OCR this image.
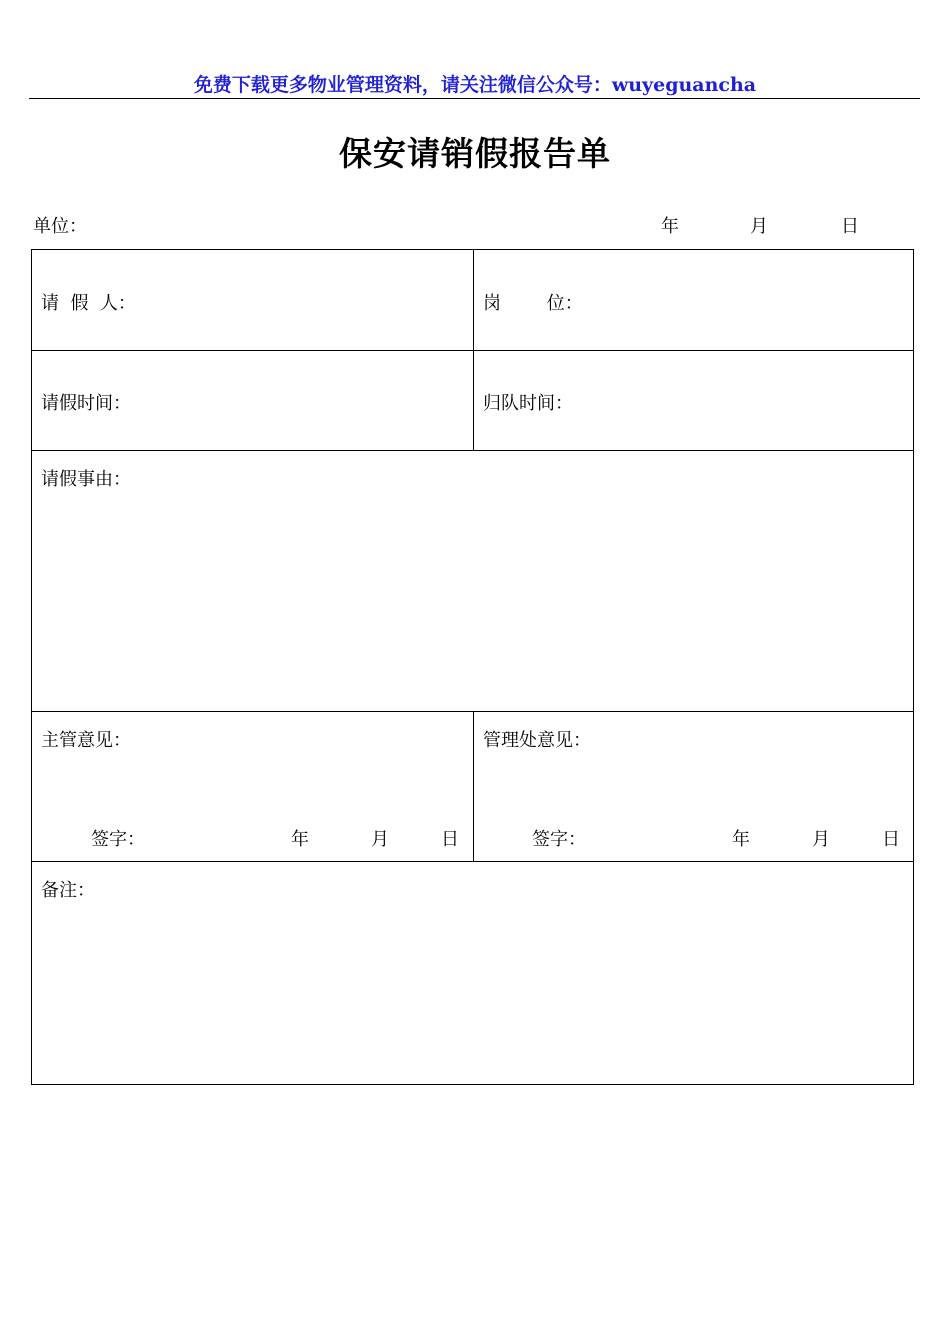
免费下载更多物业管理资料，请关注微信公众号：wuyeguancha
保安请销假报告单
单位：	年	月	日
请  假  人：	岗        位：
请假时间：	归队时间：
请假事由：
主管意见：
签字：	年	月	日
管理处意见：
签字：	年	月	日
备注：
